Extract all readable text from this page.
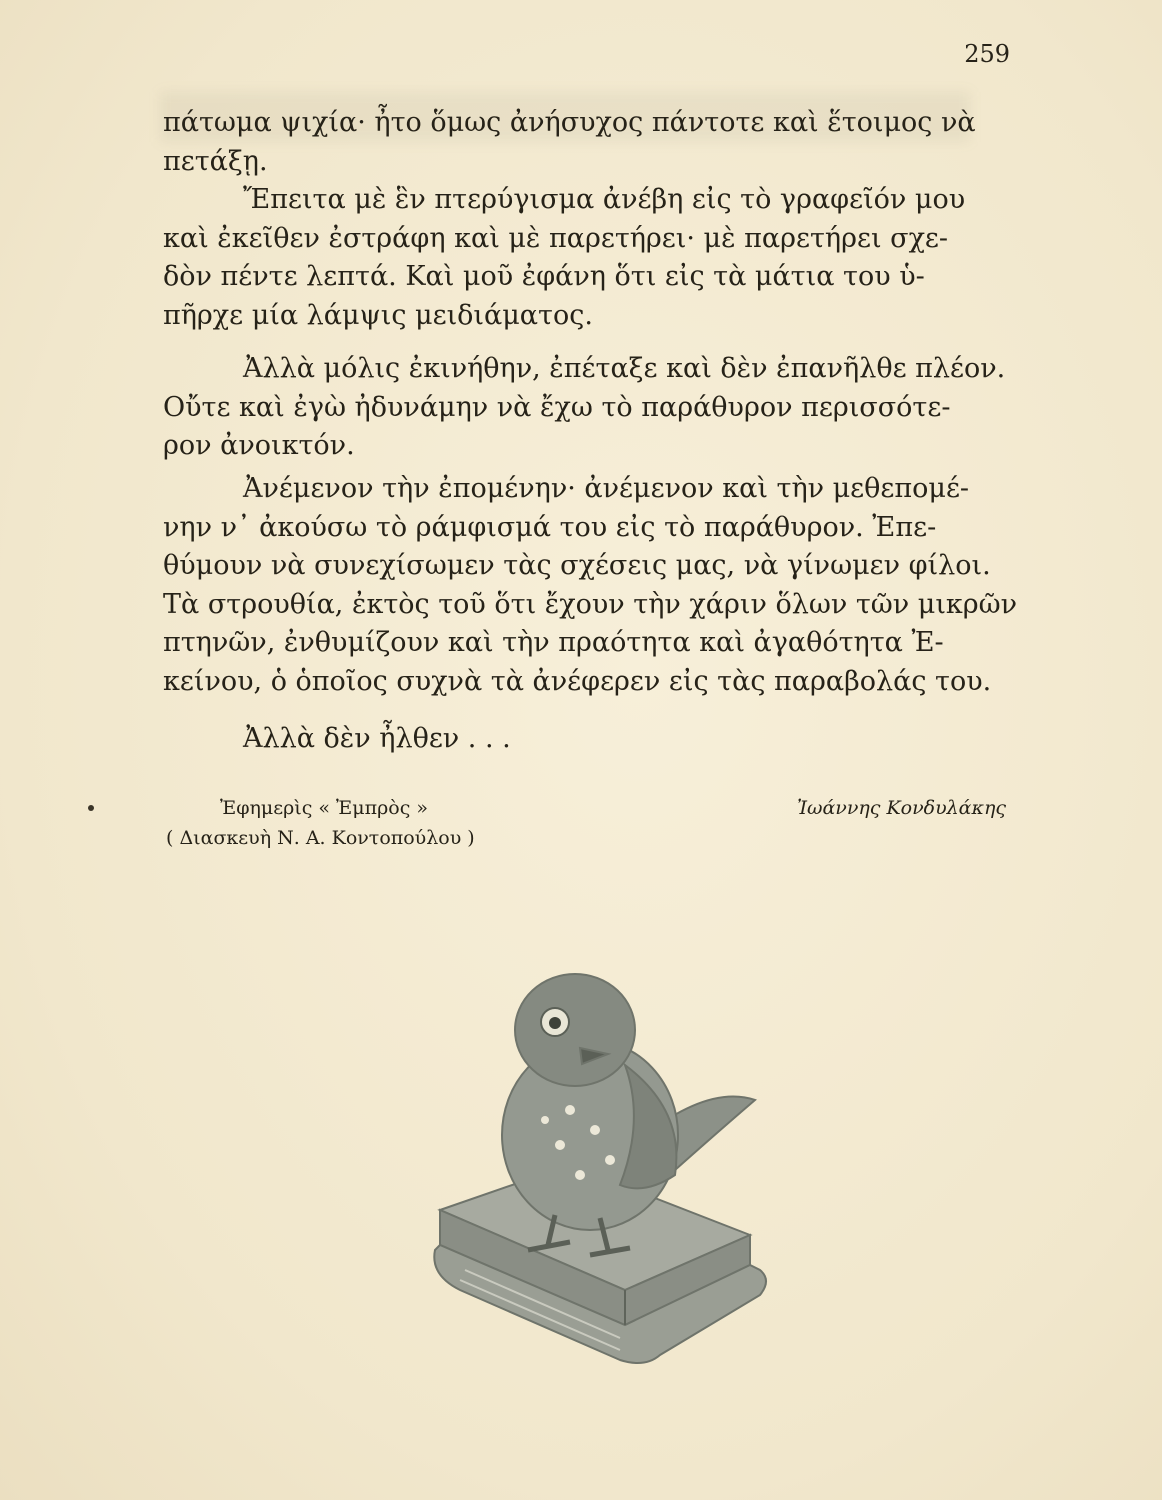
259

πάτωμα ψιχία· ἦτο ὅμως ἀνήσυχος πάντοτε καὶ ἕτοιμος νὰ
πετάξῃ.

Ἔπειτα μὲ ἓν πτερύγισμα ἀνέβη εἰς τὸ γραφεῖόν μου
καὶ ἐκεῖθεν ἐστράφη καὶ μὲ παρετήρει· μὲ παρετήρει σχε-
δὸν πέντε λεπτά. Καὶ μοῦ ἐφάνη ὅτι εἰς τὰ μάτια του ὑ-
πῆρχε μία λάμψις μειδιάματος.

Ἀλλὰ μόλις ἐκινήθην, ἐπέταξε καὶ δὲν ἐπανῆλθε πλέον.
Οὔτε καὶ ἐγὼ ἠδυνάμην νὰ ἔχω τὸ παράθυρον περισσότε-
ρον ἀνοικτόν.

Ἀνέμενον τὴν ἐπομένην· ἀνέμενον καὶ τὴν μεθεπομέ-
νην ν᾽ ἀκούσω τὸ ράμφισμά του εἰς τὸ παράθυρον. Ἐπε-
θύμουν νὰ συνεχίσωμεν τὰς σχέσεις μας, νὰ γίνωμεν φίλοι.
Τὰ στρουθία, ἐκτὸς τοῦ ὅτι ἔχουν τὴν χάριν ὅλων τῶν μικρῶν
πτηνῶν, ἐνθυμίζουν καὶ τὴν πραότητα καὶ ἀγαθότητα Ἐ-
κείνου, ὁ ὁποῖος συχνὰ τὰ ἀνέφερεν εἰς τὰς παραβολάς του.

Ἀλλὰ δὲν ἦλθεν . . .

Ἐφημερὶς « Ἐμπρὸς »
( Διασκευὴ Ν. Α. Κοντοπούλου )
Ἰωάννης Κονδυλάκης
